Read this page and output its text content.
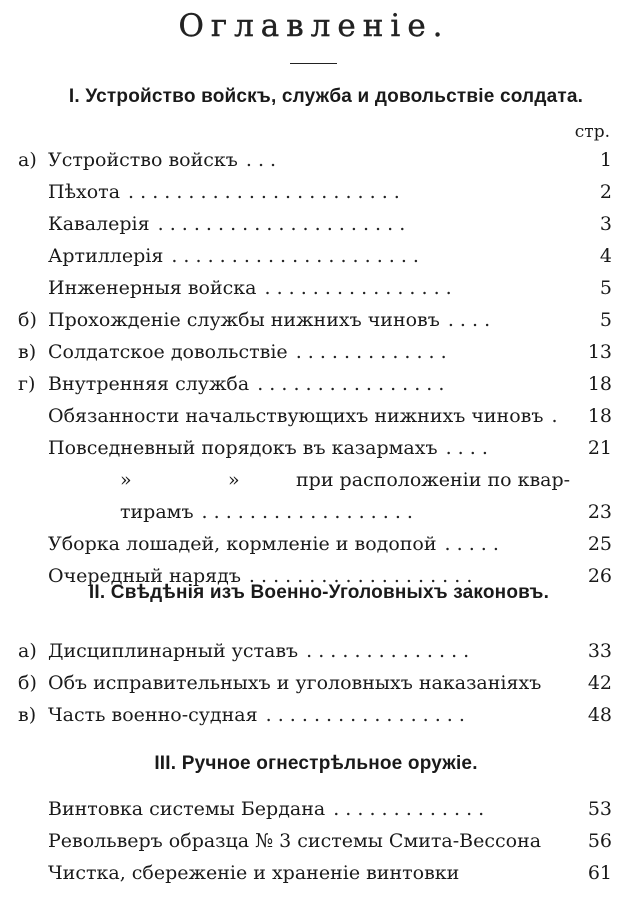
Оглавленіе.
I. Устройство войскъ, служба и довольствіе солдата.
стр.
а) Устройство войскъ . . .	1
Пѣхота . . . . . . . . . . . . . . . . . . . . . . .	2
Кавалерія . . . . . . . . . . . . . . . . . . . . .	3
Артиллерія . . . . . . . . . . . . . . . . . . . . .	4
Инженерныя войска . . . . . . . . . . . . . . . .	5
б) Прохожденіе службы нижнихъ чиновъ . . . .	5
в) Солдатское довольствіе . . . . . . . . . . . . .	13
г) Внутренняя служба . . . . . . . . . . . . . . . .	18
Обязанности начальствующихъ нижнихъ чиновъ . 18
Повседневный порядокъ въ казармахъ . . . .	21
»	»	при расположеніи по квар-
тирамъ . . . . . . . . . . . . . . . . . .	23
Уборка лошадей, кормленіе и водопой . . . . .	25
Очередный нарядъ . . . . . . . . . . . . . . . . . . .	26
II. Свѣдѣнія изъ Военно-Уголовныхъ законовъ.
а) Дисциплинарный уставъ . . . . . . . . . . . . . .	33
б) Объ исправительныхъ и уголовныхъ наказаніяхъ 42
в) Часть военно-судная . . . . . . . . . . . . . . . . .	48
III. Ручное огнестрѣльное оружіе.
Винтовка системы Бердана . . . . . . . . . . . . .	53
Револьверъ образца № 3 системы Смита-Вессона 56
Чистка, сбереженіе и храненіе винтовки	61
